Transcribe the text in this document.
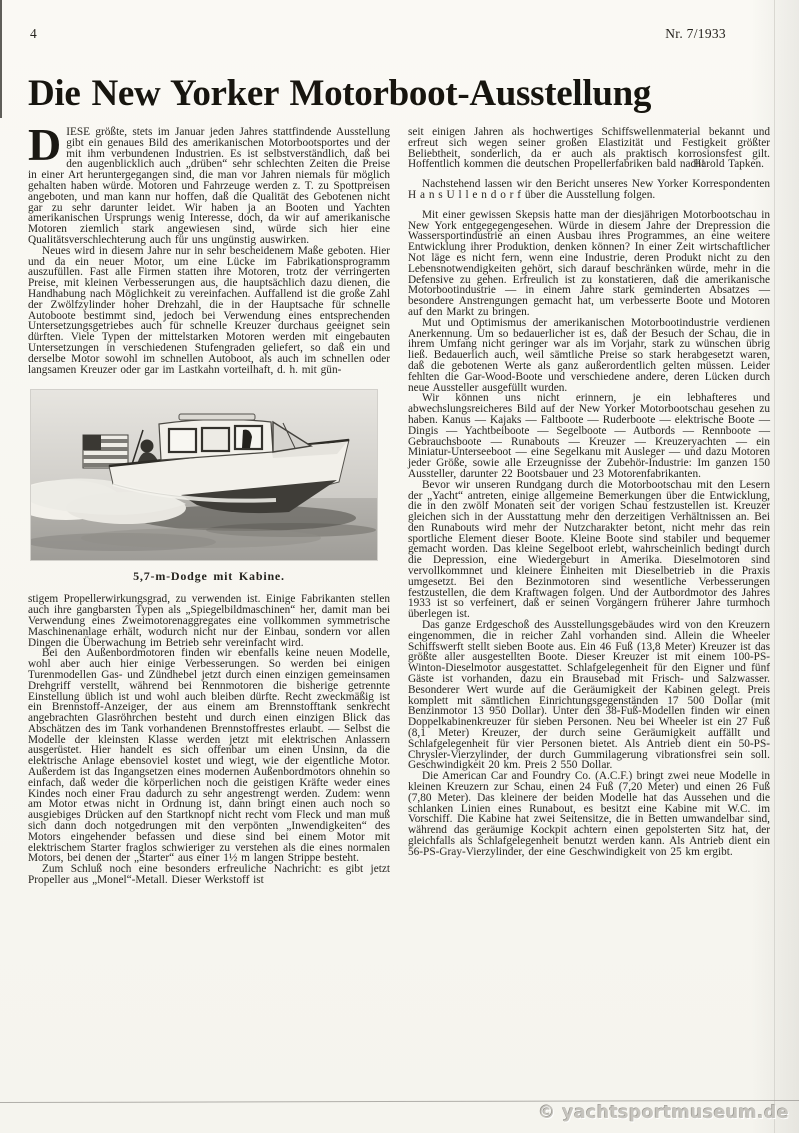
4	Nr. 7/1933
Die New Yorker Motorboot-Ausstellung

DIESE größte, stets im Januar jeden Jahres stattfindende Ausstellung gibt ein genaues Bild des amerikanischen Motorbootsportes und der mit ihm verbundenen Industrien. Es ist selbstverständlich, daß bei den augenblicklich auch „drüben“ sehr schlechten Zeiten die Preise in einer Art heruntergegangen sind, die man vor Jahren niemals für möglich gehalten haben würde. Motoren und Fahrzeuge werden z. T. zu Spottpreisen angeboten, und man kann nur hoffen, daß die Qualität des Gebotenen nicht gar zu sehr darunter leidet. Wir haben ja an Booten und Yachten amerikanischen Ursprungs wenig Interesse, doch, da wir auf amerikanische Motoren ziemlich stark angewiesen sind, würde sich hier eine Qualitätsverschlechterung auch für uns ungünstig auswirken.

Neues wird in diesem Jahre nur in sehr bescheidenem Maße geboten. Hier und da ein neuer Motor, um eine Lücke im Fabrikationsprogramm auszufüllen. Fast alle Firmen statten ihre Motoren, trotz der verringerten Preise, mit kleinen Verbesserungen aus, die hauptsächlich dazu dienen, die Handhabung nach Möglichkeit zu vereinfachen. Auffallend ist die große Zahl der Zwölfzylinder hoher Drehzahl, die in der Hauptsache für schnelle Autoboote bestimmt sind, jedoch bei Verwendung eines entsprechenden Untersetzungsgetriebes auch für schnelle Kreuzer durchaus geeignet sein dürften. Viele Typen der mittelstarken Motoren werden mit eingebauten Untersetzungen in verschiedenen Stufengraden geliefert, so daß ein und derselbe Motor sowohl im schnellen Autoboot, als auch im schnellen oder langsamen Kreuzer oder gar im Lastkahn vorteilhaft, d. h. mit gün-

5,7-m-Dodge mit Kabine.

stigem Propellerwirkungsgrad, zu verwenden ist. Einige Fabrikanten stellen auch ihre gangbarsten Typen als „Spiegelbildmaschinen“ her, damit man bei Verwendung eines Zweimotorenaggregates eine vollkommen symmetrische Maschinenanlage erhält, wodurch nicht nur der Einbau, sondern vor allen Dingen die Überwachung im Betrieb sehr vereinfacht wird.

Bei den Außenbordmotoren finden wir ebenfalls keine neuen Modelle, wohl aber auch hier einige Verbesserungen. So werden bei einigen Turenmodellen Gas- und Zündhebel jetzt durch einen einzigen gemeinsamen Drehgriff verstellt, während bei Rennmotoren die bisherige getrennte Einstellung üblich ist und wohl auch bleiben dürfte. Recht zweckmäßig ist ein Brennstoff-Anzeiger, der aus einem am Brennstofftank senkrecht angebrachten Glasröhrchen besteht und durch einen einzigen Blick das Abschätzen des im Tank vorhandenen Brennstoffrestes erlaubt. — Selbst die Modelle der kleinsten Klasse werden jetzt mit elektrischen Anlassern ausgerüstet. Hier handelt es sich offenbar um einen Unsinn, da die elektrische Anlage ebensoviel kostet und wiegt, wie der eigentliche Motor. Außerdem ist das Ingangsetzen eines modernen Außenbordmotors ohnehin so einfach, daß weder die körperlichen noch die geistigen Kräfte weder eines Kindes noch einer Frau dadurch zu sehr angestrengt werden. Zudem: wenn am Motor etwas nicht in Ordnung ist, dann bringt einen auch noch so ausgiebiges Drücken auf den Startknopf nicht recht vom Fleck und man muß sich dann doch notgedrungen mit den verpönten „Inwendigkeiten“ des Motors eingehender befassen und diese sind bei einem Motor mit elektrischem Starter fraglos schwieriger zu verstehen als die eines normalen Motors, bei denen der „Starter“ aus einer 1½ m langen Strippe besteht.

Zum Schluß noch eine besonders erfreuliche Nachricht: es gibt jetzt Propeller aus „Monel“-Metall. Dieser Werkstoff ist

seit einigen Jahren als hochwertiges Schiffswellenmaterial bekannt und erfreut sich wegen seiner großen Elastizität und Festigkeit größter Beliebtheit, sonderlich, da er auch als praktisch korrosionsfest gilt. Hoffentlich kommen die deutschen Propellerfabriken bald nach!

Harold Tapken.

Nachstehend lassen wir den Bericht unseres New Yorker Korrespondenten H a n s U l l e n d o r f über die Ausstellung folgen.

Mit einer gewissen Skepsis hatte man der diesjährigen Motorbootschau in New York entgegegengesehen. Würde in diesem Jahre der Drepression die Wassersportindustrie an einen Ausbau ihres Programmes, an eine weitere Entwicklung ihrer Produktion, denken können? In einer Zeit wirtschaftlicher Not läge es nicht fern, wenn eine Industrie, deren Produkt nicht zu den Lebensnotwendigkeiten gehört, sich darauf beschränken würde, mehr in die Defensive zu gehen. Erfreulich ist zu konstatieren, daß die amerikanische Motorbootindustrie — in einem Jahre stark geminderten Absatzes — besondere Anstrengungen gemacht hat, um verbesserte Boote und Motoren auf den Markt zu bringen.

Mut und Optimismus der amerikanischen Motorbootindustrie verdienen Anerkennung. Um so bedauerlicher ist es, daß der Besuch der Schau, die in ihrem Umfang nicht geringer war als im Vorjahr, stark zu wünschen übrig ließ. Bedauerlich auch, weil sämtliche Preise so stark herabgesetzt waren, daß die gebotenen Werte als ganz außerordentlich gelten müssen. Leider fehlten die Gar-Wood-Boote und verschiedene andere, deren Lücken durch neue Aussteller ausgefüllt wurden.

Wir können uns nicht erinnern, je ein lebhafteres und abwechslungsreicheres Bild auf der New Yorker Motorbootschau gesehen zu haben. Kanus — Kajaks — Faltboote — Ruderboote — elektrische Boote — Dingis — Yachtbeiboote — Segelboote — Autbords — Rennboote — Gebrauchsboote — Runabouts — Kreuzer — Kreuzeryachten — ein Miniatur-Unterseeboot — eine Segelkanu mit Ausleger — und dazu Motoren jeder Größe, sowie alle Erzeugnisse der Zubehör-Industrie: Im ganzen 150 Aussteller, darunter 22 Bootsbauer und 23 Motorenfabrikanten.

Bevor wir unseren Rundgang durch die Motorbootschau mit den Lesern der „Yacht“ antreten, einige allgemeine Bemerkungen über die Entwicklung, die in den zwölf Monaten seit der vorigen Schau festzustellen ist. Kreuzer gleichen sich in der Ausstattung mehr den derzeitigen Verhältnissen an. Bei den Runabouts wird mehr der Nutzcharakter betont, nicht mehr das rein sportliche Element dieser Boote. Kleine Boote sind stabiler und bequemer gemacht worden. Das kleine Segelboot erlebt, wahrscheinlich bedingt durch die Depression, eine Wiedergeburt in Amerika. Dieselmotoren sind vervollkommnet und kleinere Einheiten mit Dieselbetrieb in die Praxis umgesetzt. Bei den Bezinmotoren sind wesentliche Verbesserungen festzustellen, die dem Kraftwagen folgen. Und der Autbordmotor des Jahres 1933 ist so verfeinert, daß er seinen Vorgängern früherer Jahre turmhoch überlegen ist.

Das ganze Erdgeschoß des Ausstellungsgebäudes wird von den Kreuzern eingenommen, die in reicher Zahl vorhanden sind. Allein die Wheeler Schiffswerft stellt sieben Boote aus. Ein 46 Fuß (13,8 Meter) Kreuzer ist das größte aller ausgestellten Boote. Dieser Kreuzer ist mit einem 100-PS-Winton-Dieselmotor ausgestattet. Schlafgelegenheit für den Eigner und fünf Gäste ist vorhanden, dazu ein Brausebad mit Frisch- und Salzwasser. Besonderer Wert wurde auf die Geräumigkeit der Kabinen gelegt. Preis komplett mit sämtlichen Einrichtungsgegenständen 17 500 Dollar (mit Benzinmotor 13 950 Dollar). Unter den 38-Fuß-Modellen finden wir einen Doppelkabinenkreuzer für sieben Personen. Neu bei Wheeler ist ein 27 Fuß (8,1 Meter) Kreuzer, der durch seine Geräumigkeit auffällt und Schlafgelegenheit für vier Personen bietet. Als Antrieb dient ein 50-PS-Chrysler-Vierzylinder, der durch Gummilagerung vibrationsfrei sein soll. Geschwindigkeit 20 km. Preis 2 550 Dollar.

Die American Car and Foundry Co. (A.C.F.) bringt zwei neue Modelle in kleinen Kreuzern zur Schau, einen 24 Fuß (7,20 Meter) und einen 26 Fuß (7,80 Meter). Das kleinere der beiden Modelle hat das Aussehen und die schlanken Linien eines Runabout, es besitzt eine Kabine mit W.C. im Vorschiff. Die Kabine hat zwei Seitensitze, die in Betten umwandelbar sind, während das geräumige Kockpit achtern einen gepolsterten Sitz hat, der gleichfalls als Schlafgelegenheit benutzt werden kann. Als Antrieb dient ein 56-PS-Gray-Vierzylinder, der eine Geschwindigkeit von 25 km ergibt.

© yachtsportmuseum.de
